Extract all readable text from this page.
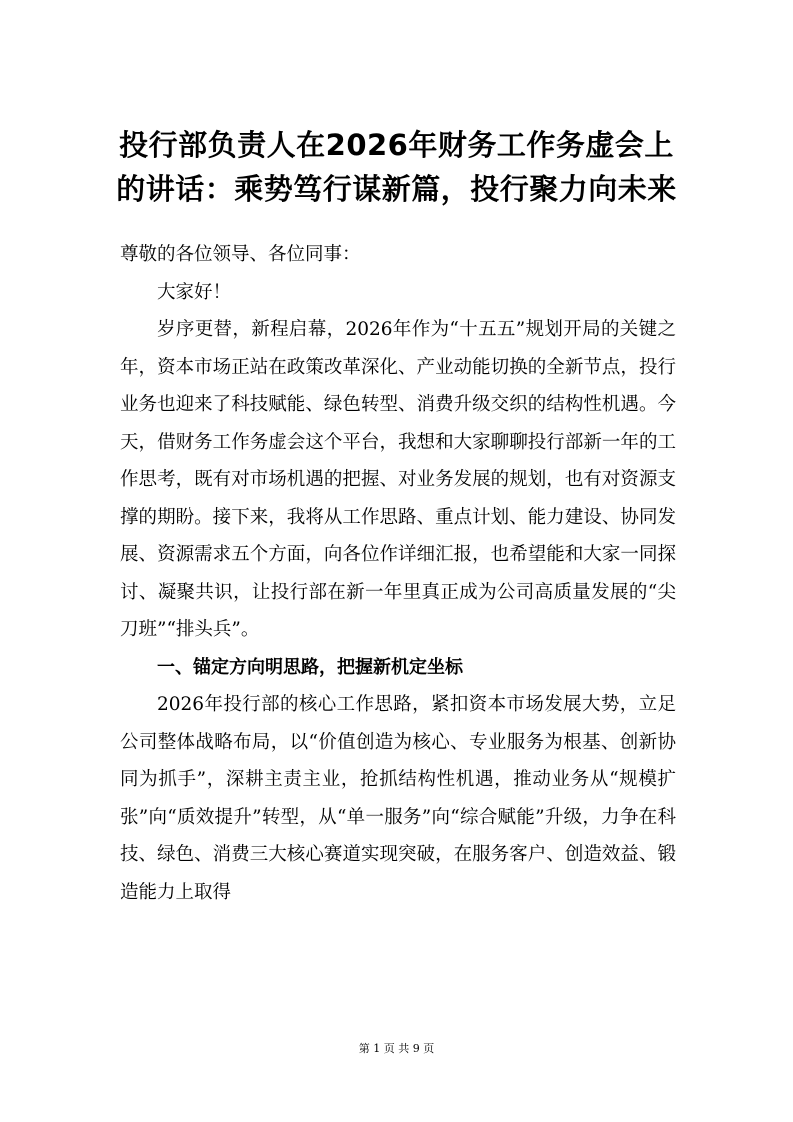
投行部负责人在2026年财务工作务虚会上
的讲话：乘势笃行谋新篇，投行聚力向未来

尊敬的各位领导、各位同事：

大家好！

岁序更替，新程启幕，2026年作为“十五五”规划开局的关键之年，资本市场正站在政策改革深化、产业动能切换的全新节点，投行业务也迎来了科技赋能、绿色转型、消费升级交织的结构性机遇。今天，借财务工作务虚会这个平台，我想和大家聊聊投行部新一年的工作思考，既有对市场机遇的把握、对业务发展的规划，也有对资源支撑的期盼。接下来，我将从工作思路、重点计划、能力建设、协同发展、资源需求五个方面，向各位作详细汇报，也希望能和大家一同探讨、凝聚共识，让投行部在新一年里真正成为公司高质量发展的“尖刀班”“排头兵”。

一、锚定方向明思路，把握新机定坐标

2026年投行部的核心工作思路，紧扣资本市场发展大势，立足公司整体战略布局，以“价值创造为核心、专业服务为根基、创新协同为抓手”，深耕主责主业，抢抓结构性机遇，推动业务从“规模扩张”向“质效提升”转型，从“单一服务”向“综合赋能”升级，力争在科技、绿色、消费三大核心赛道实现突破，在服务客户、创造效益、锻造能力上取得

第 1 页 共 9 页
